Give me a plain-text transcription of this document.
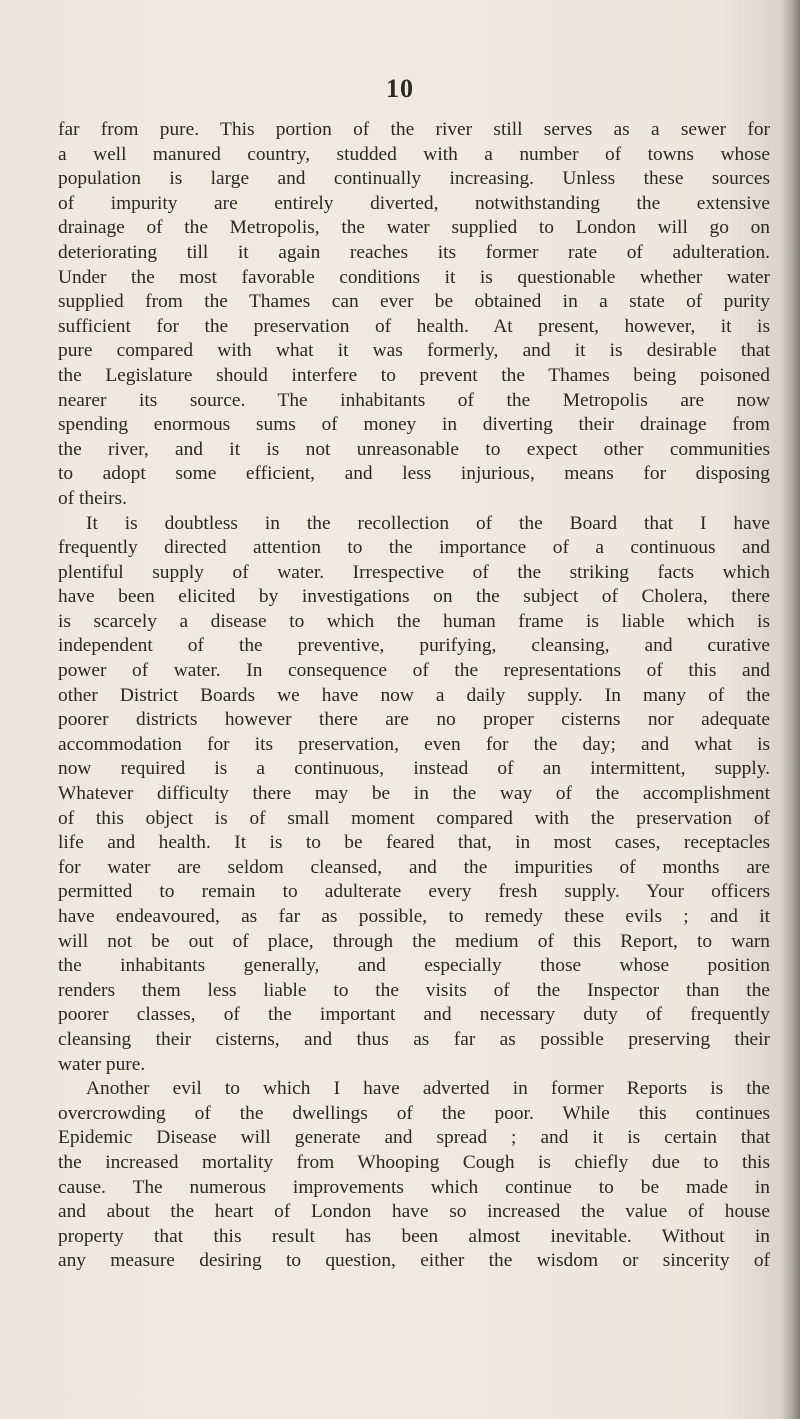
10
far from pure. This portion of the river still serves as a sewer for
a well manured country, studded with a number of towns whose
population is large and continually increasing. Unless these sources
of impurity are entirely diverted, notwithstanding the extensive
drainage of the Metropolis, the water supplied to London will go on
deteriorating till it again reaches its former rate of adulteration.
Under the most favorable conditions it is questionable whether water
supplied from the Thames can ever be obtained in a state of purity
sufficient for the preservation of health. At present, however, it is
pure compared with what it was formerly, and it is desirable that
the Legislature should interfere to prevent the Thames being poisoned
nearer its source. The inhabitants of the Metropolis are now
spending enormous sums of money in diverting their drainage from
the river, and it is not unreasonable to expect other communities
to adopt some efficient, and less injurious, means for disposing
of theirs.
It is doubtless in the recollection of the Board that I have
frequently directed attention to the importance of a continuous and
plentiful supply of water. Irrespective of the striking facts which
have been elicited by investigations on the subject of Cholera, there
is scarcely a disease to which the human frame is liable which is
independent of the preventive, purifying, cleansing, and curative
power of water. In consequence of the representations of this and
other District Boards we have now a daily supply. In many of the
poorer districts however there are no proper cisterns nor adequate
accommodation for its preservation, even for the day; and what is
now required is a continuous, instead of an intermittent, supply.
Whatever difficulty there may be in the way of the accomplishment
of this object is of small moment compared with the preservation of
life and health. It is to be feared that, in most cases, receptacles
for water are seldom cleansed, and the impurities of months are
permitted to remain to adulterate every fresh supply. Your officers
have endeavoured, as far as possible, to remedy these evils ; and it
will not be out of place, through the medium of this Report, to warn
the inhabitants generally, and especially those whose position
renders them less liable to the visits of the Inspector than the
poorer classes, of the important and necessary duty of frequently
cleansing their cisterns, and thus as far as possible preserving their
water pure.
Another evil to which I have adverted in former Reports is the
overcrowding of the dwellings of the poor. While this continues
Epidemic Disease will generate and spread ; and it is certain that
the increased mortality from Whooping Cough is chiefly due to this
cause. The numerous improvements which continue to be made in
and about the heart of London have so increased the value of house
property that this result has been almost inevitable. Without in
any measure desiring to question, either the wisdom or sincerity of
